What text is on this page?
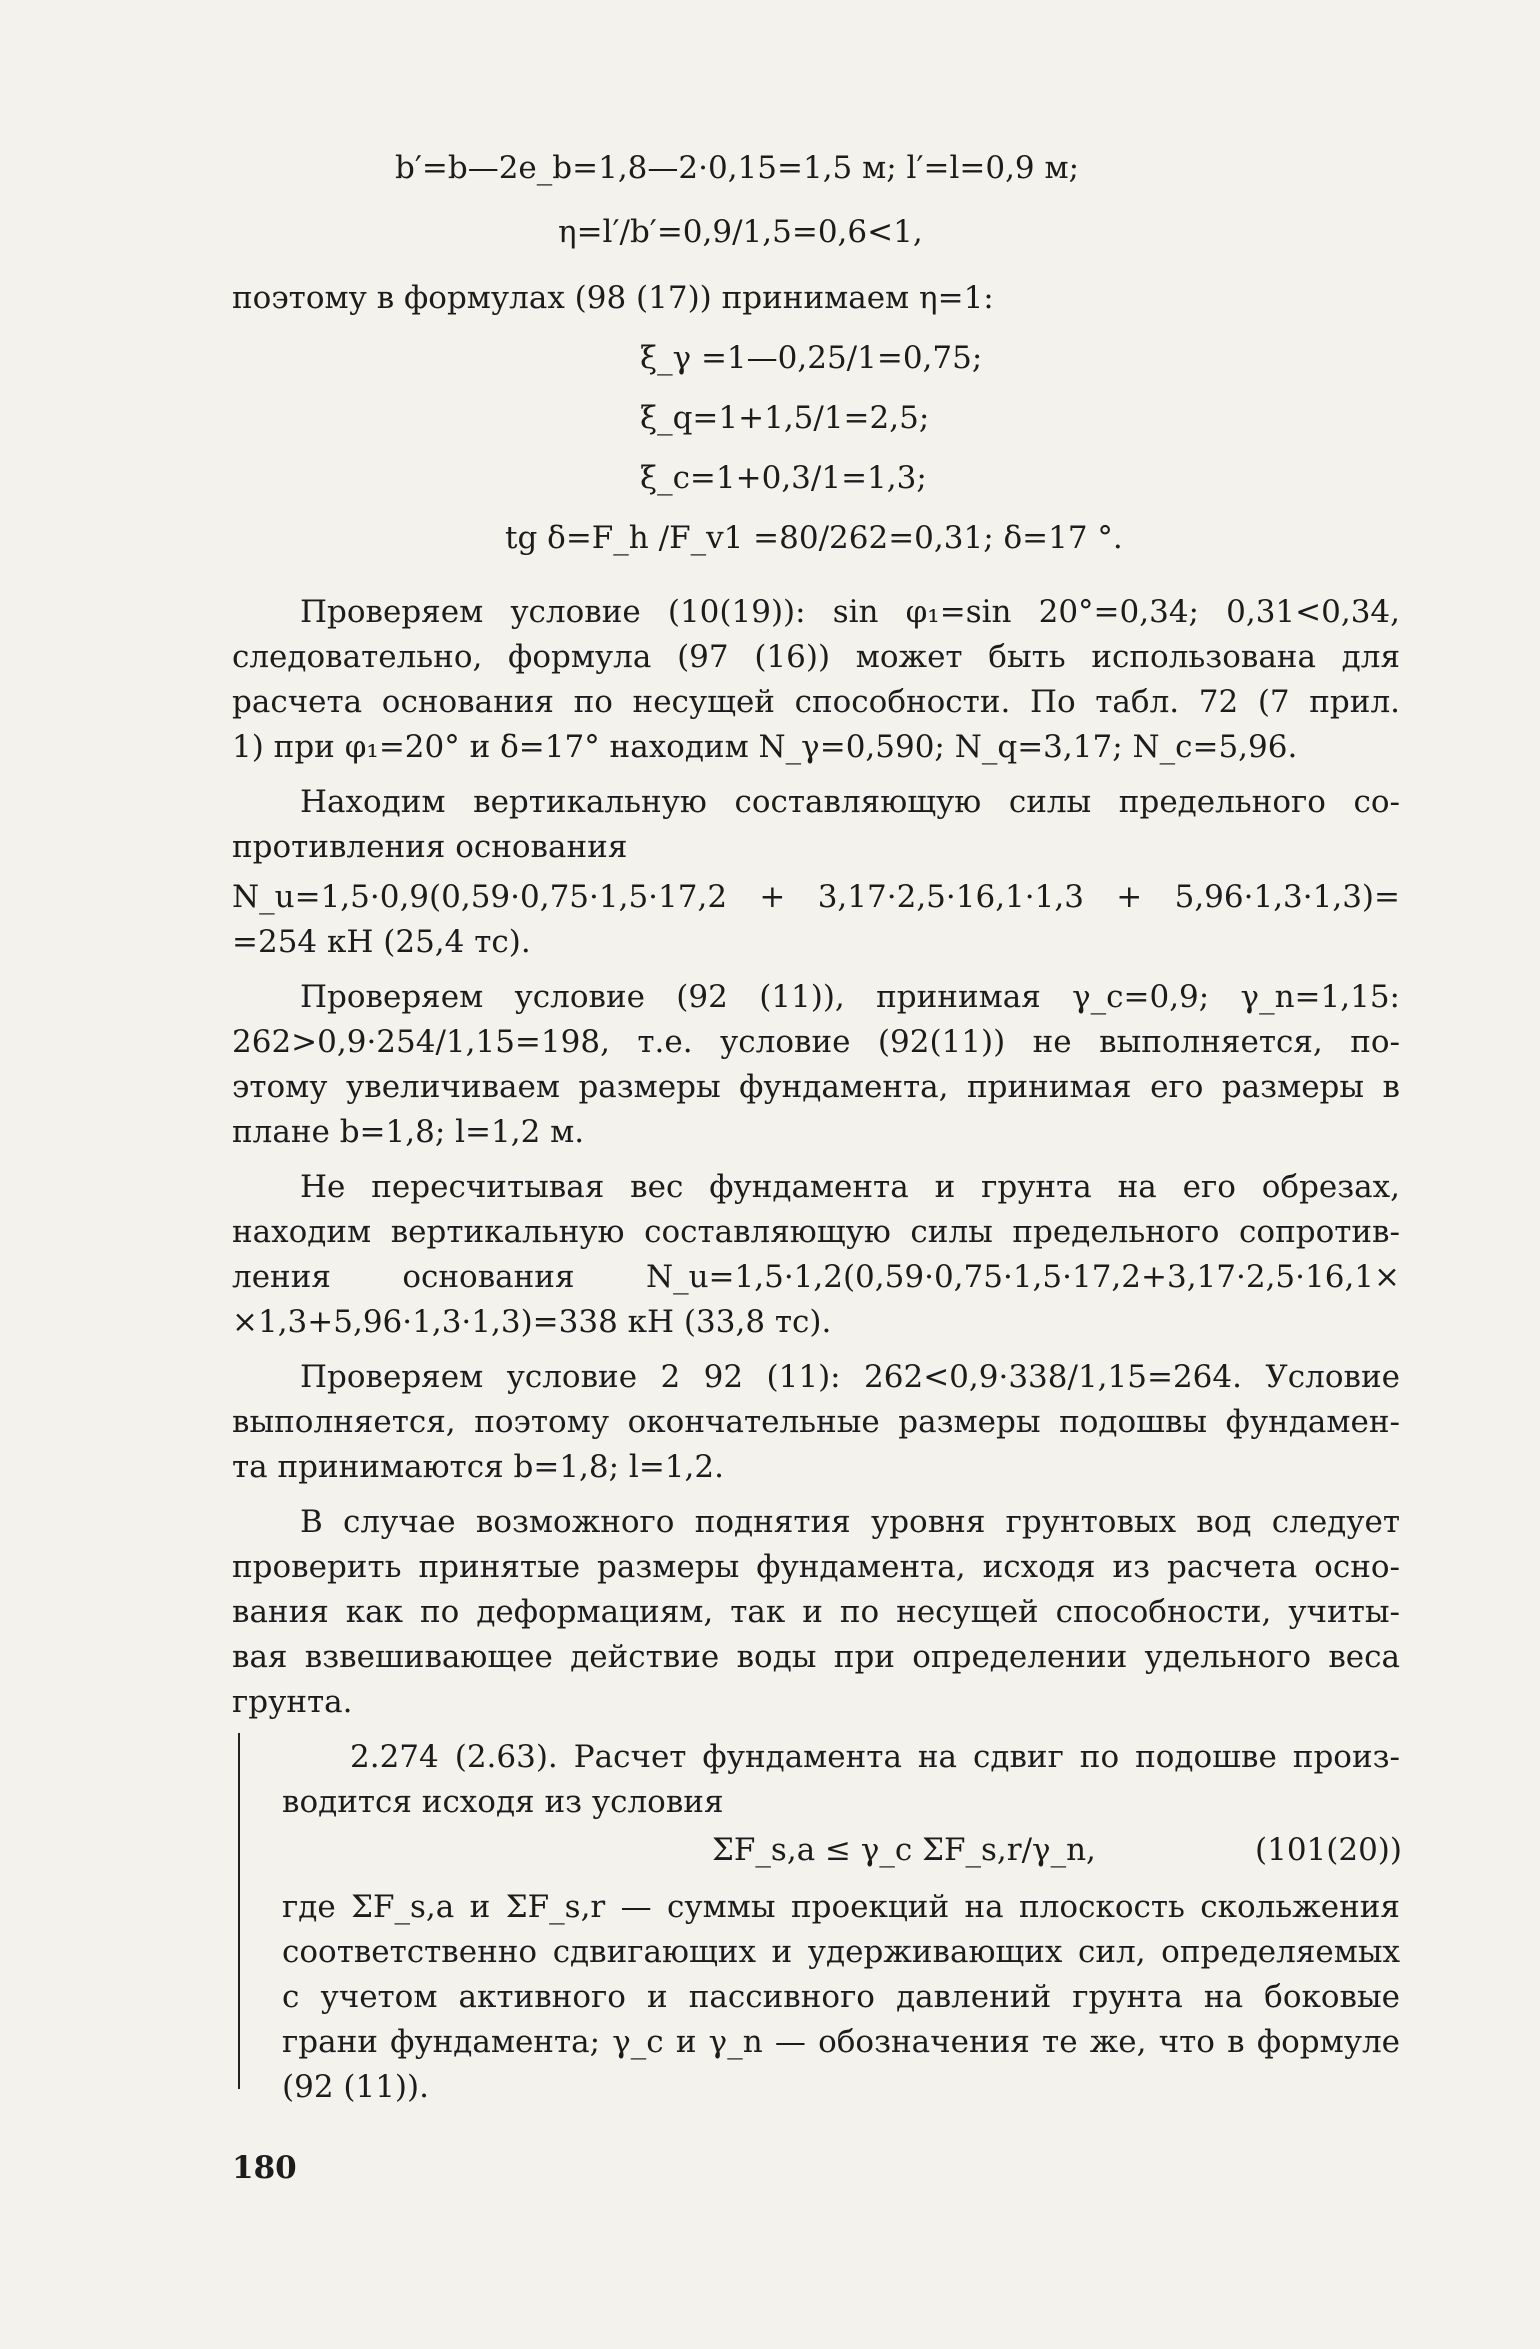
b′=b—2e_b=1,8—2·0,15=1,5 м; l′=l=0,9 м;
η=l′/b′=0,9/1,5=0,6<1,
поэтому в формулах (98 (17)) принимаем η=1:
ξ_γ =1—0,25/1=0,75;
ξ_q=1+1,5/1=2,5;
ξ_c=1+0,3/1=1,3;
tg δ=F_h /F_v1 =80/262=0,31; δ=17 °.
Проверяем условие (10(19)): sin φ₁=sin 20°=0,34; 0,31<0,34,
следовательно, формула (97 (16)) может быть использована для
расчета основания по несущей способности. По табл. 72 (7 прил.
1) при φ₁=20° и δ=17° находим N_γ=0,590; N_q=3,17; N_c=5,96.
Находим вертикальную составляющую силы предельного со-
противления основания
N_u=1,5·0,9(0,59·0,75·1,5·17,2 + 3,17·2,5·16,1·1,3 + 5,96·1,3·1,3)=
=254 кН (25,4 тс).
Проверяем условие (92 (11)), принимая γ_c=0,9; γ_n=1,15:
262>0,9·254/1,15=198, т.е. условие (92(11)) не выполняется, по-
этому увеличиваем размеры фундамента, принимая его размеры в
плане b=1,8; l=1,2 м.
Не пересчитывая вес фундамента и грунта на его обрезах,
находим вертикальную составляющую силы предельного сопротив-
ления основания N_u=1,5·1,2(0,59·0,75·1,5·17,2+3,17·2,5·16,1×
×1,3+5,96·1,3·1,3)=338 кН (33,8 тс).
Проверяем условие 2 92 (11): 262<0,9·338/1,15=264. Условие
выполняется, поэтому окончательные размеры подошвы фундамен-
та принимаются b=1,8; l=1,2.
В случае возможного поднятия уровня грунтовых вод следует
проверить принятые размеры фундамента, исходя из расчета осно-
вания как по деформациям, так и по несущей способности, учиты-
вая взвешивающее действие воды при определении удельного веса
грунта.
2.274 (2.63). Расчет фундамента на сдвиг по подошве произ-
водится исходя из условия
ΣF_s,a ≤ γ_c ΣF_s,r/γ_n,	(101(20))
где ΣF_s,a и ΣF_s,r — суммы проекций на плоскость скольжения
соответственно сдвигающих и удерживающих сил, определяемых
с учетом активного и пассивного давлений грунта на боковые
грани фундамента; γ_c и γ_n — обозначения те же, что в формуле
(92 (11)).
180
